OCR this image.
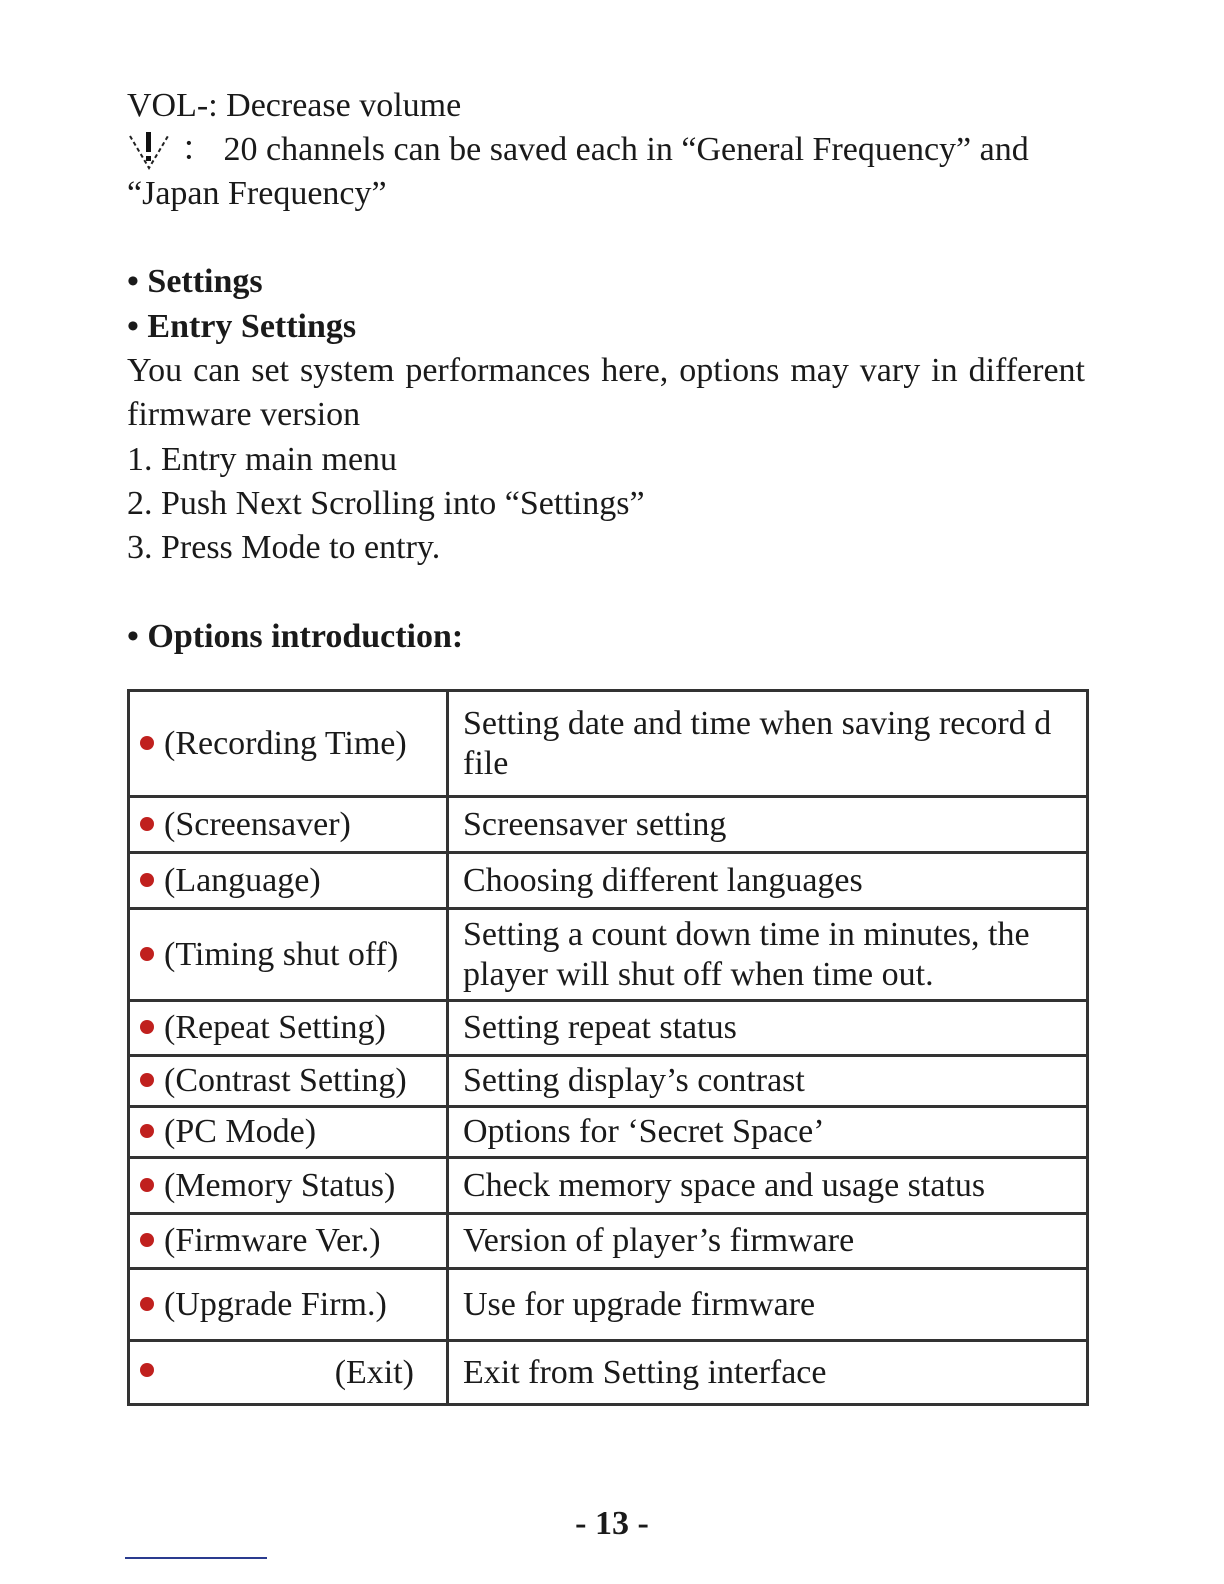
VOL-: Decrease volume
： 20 channels can be saved each in “General Frequency” and
“Japan Frequency”
• Settings
• Entry Settings
You can set system performances here, options may vary in different firmware version
1. Entry main menu
2. Push Next Scrolling into “Settings”
3. Press Mode to entry.
• Options introduction:
(Recording Time)	Setting date and time when saving record d file
(Screensaver)	Screensaver setting
(Language)	Choosing different languages
(Timing shut off)	Setting a count down time in minutes, the player will shut off when time out.
(Repeat Setting)	Setting repeat status
(Contrast Setting)	Setting display’s contrast
(PC Mode)	Options for ‘Secret Space’
(Memory Status)	Check memory space and usage status
(Firmware Ver.)	Version of player’s firmware
(Upgrade Firm.)	Use for upgrade firmware

(Exit)	Exit from Setting interface
- 13 -
